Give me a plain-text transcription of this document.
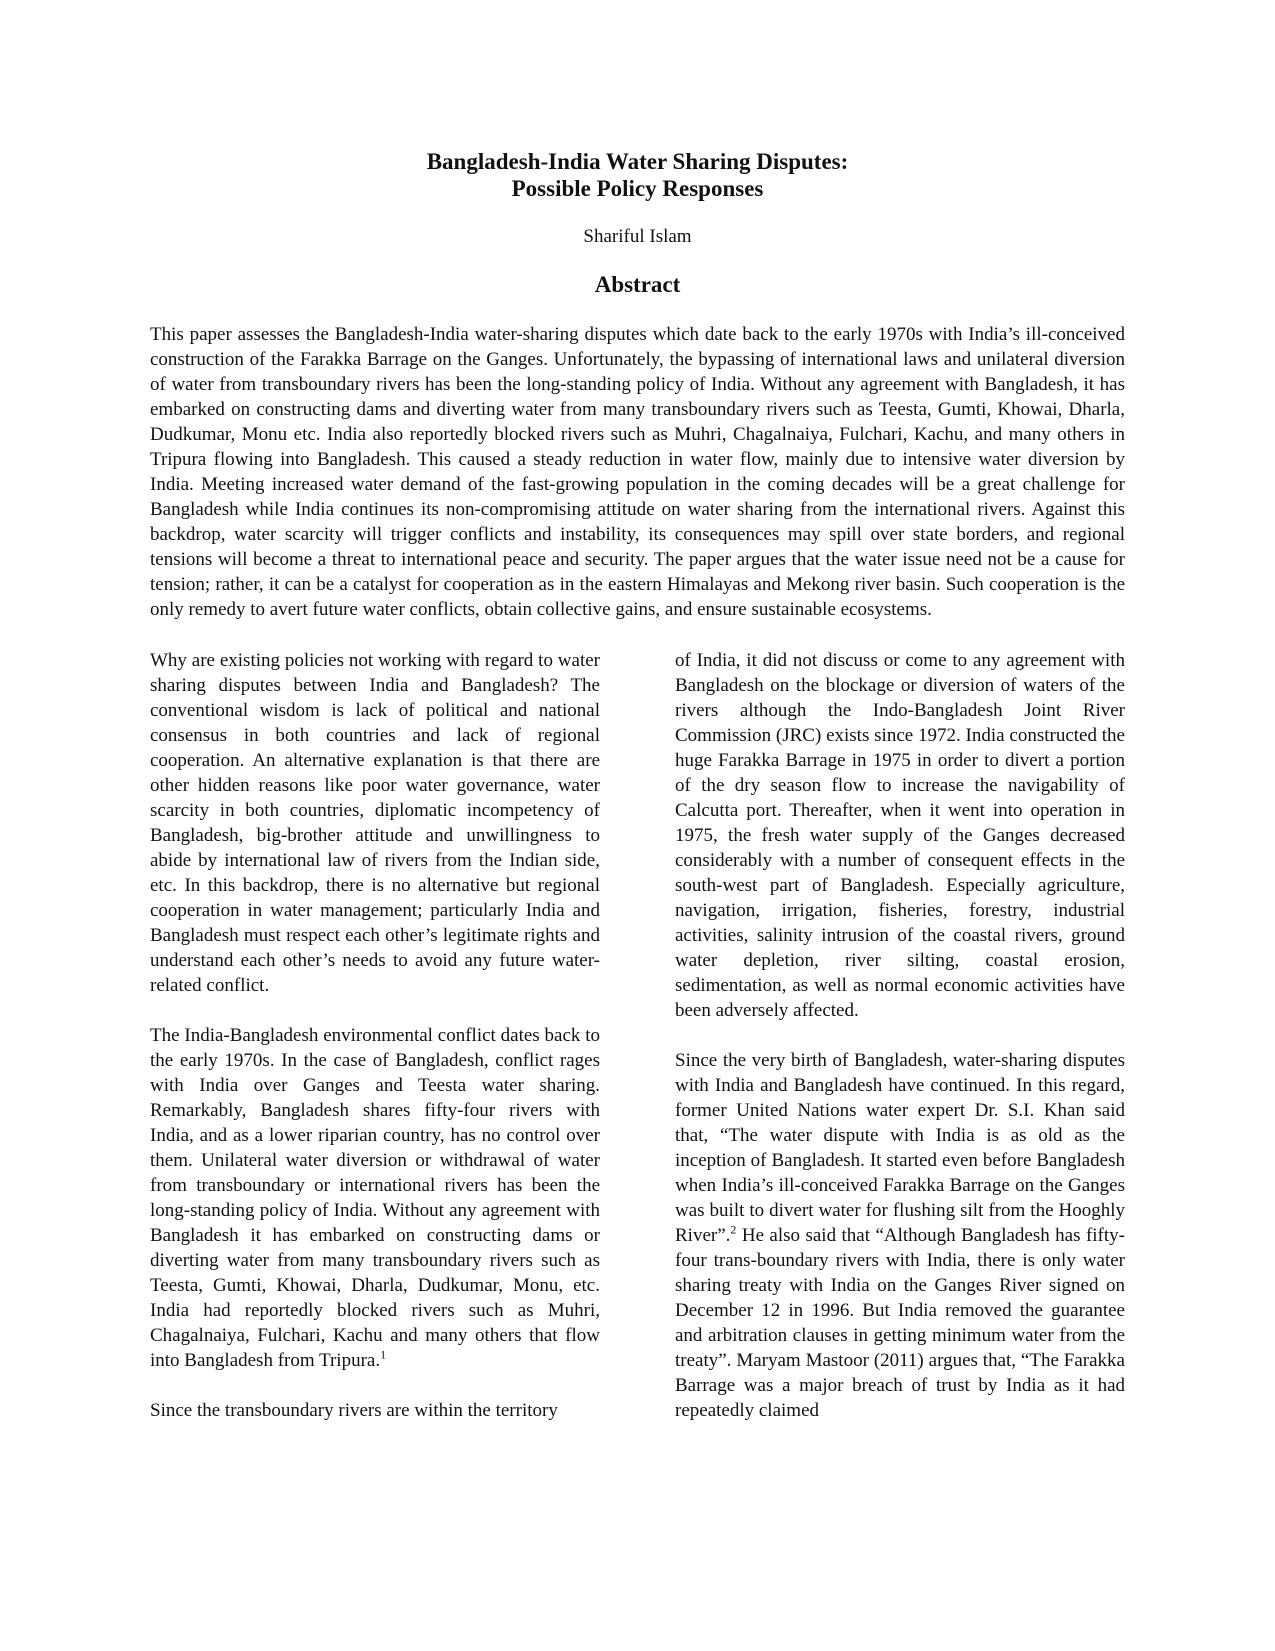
Bangladesh-India Water Sharing Disputes:
Possible Policy Responses
Shariful Islam
Abstract
This paper assesses the Bangladesh-India water-sharing disputes which date back to the early 1970s with India’s ill-conceived construction of the Farakka Barrage on the Ganges. Unfortunately, the bypassing of international laws and unilateral diversion of water from transboundary rivers has been the long-standing policy of India. Without any agreement with Bangladesh, it has embarked on constructing dams and diverting water from many transboundary rivers such as Teesta, Gumti, Khowai, Dharla, Dudkumar, Monu etc. India also reportedly blocked rivers such as Muhri, Chagalnaiya, Fulchari, Kachu, and many others in Tripura flowing into Bangladesh. This caused a steady reduction in water flow, mainly due to intensive water diversion by India. Meeting increased water demand of the fast-growing population in the coming decades will be a great challenge for Bangladesh while India continues its non-compromising attitude on water sharing from the international rivers. Against this backdrop, water scarcity will trigger conflicts and instability, its consequences may spill over state borders, and regional tensions will become a threat to international peace and security. The paper argues that the water issue need not be a cause for tension; rather, it can be a catalyst for cooperation as in the eastern Himalayas and Mekong river basin. Such cooperation is the only remedy to avert future water conflicts, obtain collective gains, and ensure sustainable ecosystems.

Why are existing policies not working with regard to water sharing disputes between India and Bangladesh? The conventional wisdom is lack of political and national consensus in both countries and lack of regional cooperation. An alternative explanation is that there are other hidden reasons like poor water governance, water scarcity in both countries, diplomatic incompetency of Bangladesh, big-brother attitude and unwillingness to abide by international law of rivers from the Indian side, etc. In this backdrop, there is no alternative but regional cooperation in water management; particularly India and Bangladesh must respect each other’s legitimate rights and understand each other’s needs to avoid any future water-related conflict.

The India-Bangladesh environmental conflict dates back to the early 1970s. In the case of Bangladesh, conflict rages with India over Ganges and Teesta water sharing. Remarkably, Bangladesh shares fifty-four rivers with India, and as a lower riparian country, has no control over them. Unilateral water diversion or withdrawal of water from transboundary or international rivers has been the long-standing policy of India. Without any agreement with Bangladesh it has embarked on constructing dams or diverting water from many transboundary rivers such as Teesta, Gumti, Khowai, Dharla, Dudkumar, Monu, etc. India had reportedly blocked rivers such as Muhri, Chagalnaiya, Fulchari, Kachu and many others that flow into Bangladesh from Tripura.$^1$

Since the transboundary rivers are within the territory

of India, it did not discuss or come to any agreement with Bangladesh on the blockage or diversion of waters of the rivers although the Indo-Bangladesh Joint River Commission (JRC) exists since 1972. India constructed the huge Farakka Barrage in 1975 in order to divert a portion of the dry season flow to increase the navigability of Calcutta port. Thereafter, when it went into operation in 1975, the fresh water supply of the Ganges decreased considerably with a number of consequent effects in the south-west part of Bangladesh. Especially agriculture, navigation, irrigation, fisheries, forestry, industrial activities, salinity intrusion of the coastal rivers, ground water depletion, river silting, coastal erosion, sedimentation, as well as normal economic activities have been adversely affected.

Since the very birth of Bangladesh, water-sharing disputes with India and Bangladesh have continued. In this regard, former United Nations water expert Dr. S.I. Khan said that, “The water dispute with India is as old as the inception of Bangladesh. It started even before Bangladesh when India’s ill-conceived Farakka Barrage on the Ganges was built to divert water for flushing silt from the Hooghly River”.$^2$ He also said that “Although Bangladesh has fifty-four trans-boundary rivers with India, there is only water sharing treaty with India on the Ganges River signed on December 12 in 1996. But India removed the guarantee and arbitration clauses in getting minimum water from the treaty”. Maryam Mastoor (2011) argues that, “The Farakka Barrage was a major breach of trust by India as it had repeatedly claimed
